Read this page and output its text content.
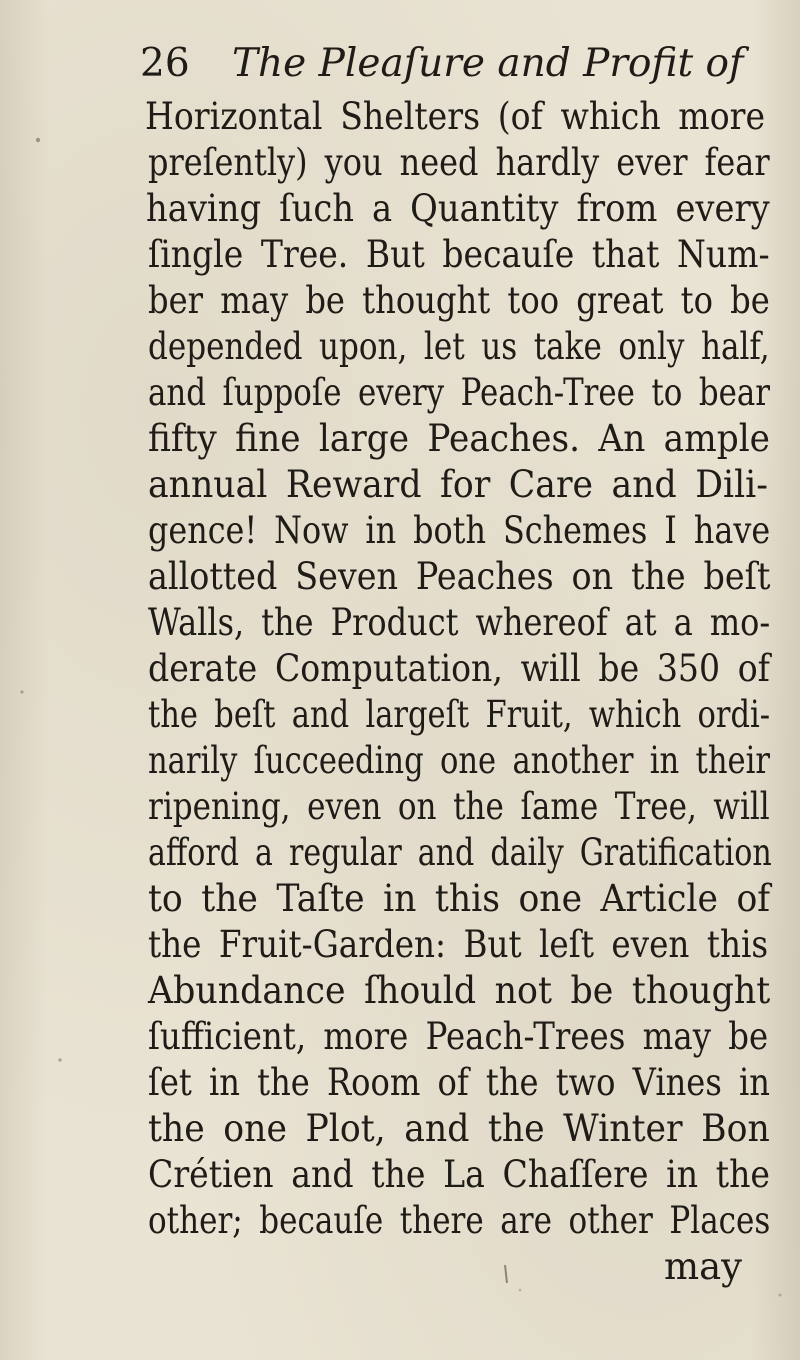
26 The Pleaſure and Profit of
Horizontal Shelters (of which more
preſently) you need hardly ever fear
having ſuch a Quantity from every
ſingle Tree. But becauſe that Num-
ber may be thought too great to be
depended upon, let us take only half,
and ſuppoſe every Peach-Tree to bear
fifty fine large Peaches. An ample
annual Reward for Care and Dili-
gence! Now in both Schemes I have
allotted Seven Peaches on the beſt
Walls, the Product whereof at a mo-
derate Computation, will be 350 of
the beſt and largeſt Fruit, which ordi-
narily ſucceeding one another in their
ripening, even on the ſame Tree, will
afford a regular and daily Gratification
to the Taſte in this one Article of
the Fruit-Garden: But leſt even this
Abundance ſhould not be thought
ſufficient, more Peach-Trees may be
ſet in the Room of the two Vines in
the one Plot, and the Winter Bon
Crétien and the La Chaſſere in the
other; becauſe there are other Places
may
